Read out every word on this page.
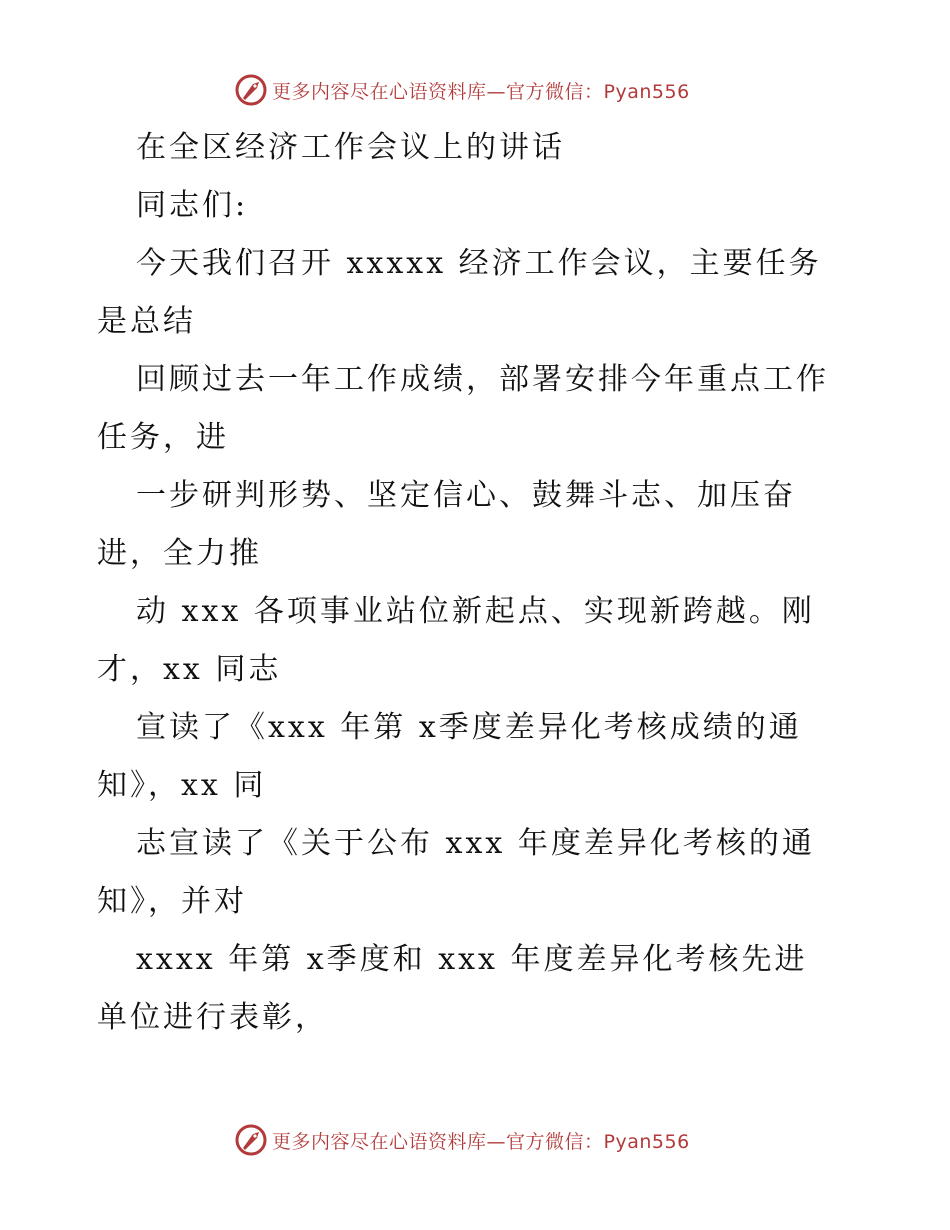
更多内容尽在心语资料库—官方微信：Pyan556
在全区经济工作会议上的讲话
同志们:
今天我们召开 xxxxx 经济工作会议，主要任务
是总结
回顾过去一年工作成绩，部署安排今年重点工作
任务，进
一步研判形势、坚定信心、鼓舞斗志、加压奋
进，全力推
动 xxx 各项事业站位新起点、实现新跨越。刚
才，xx 同志
宣读了《xxx 年第 x季度差异化考核成绩的通
知》，xx 同
志宣读了《关于公布 xxx 年度差异化考核的通
知》，并对
xxxx 年第 x季度和 xxx 年度差异化考核先进
单位进行表彰，
更多内容尽在心语资料库—官方微信：Pyan556
